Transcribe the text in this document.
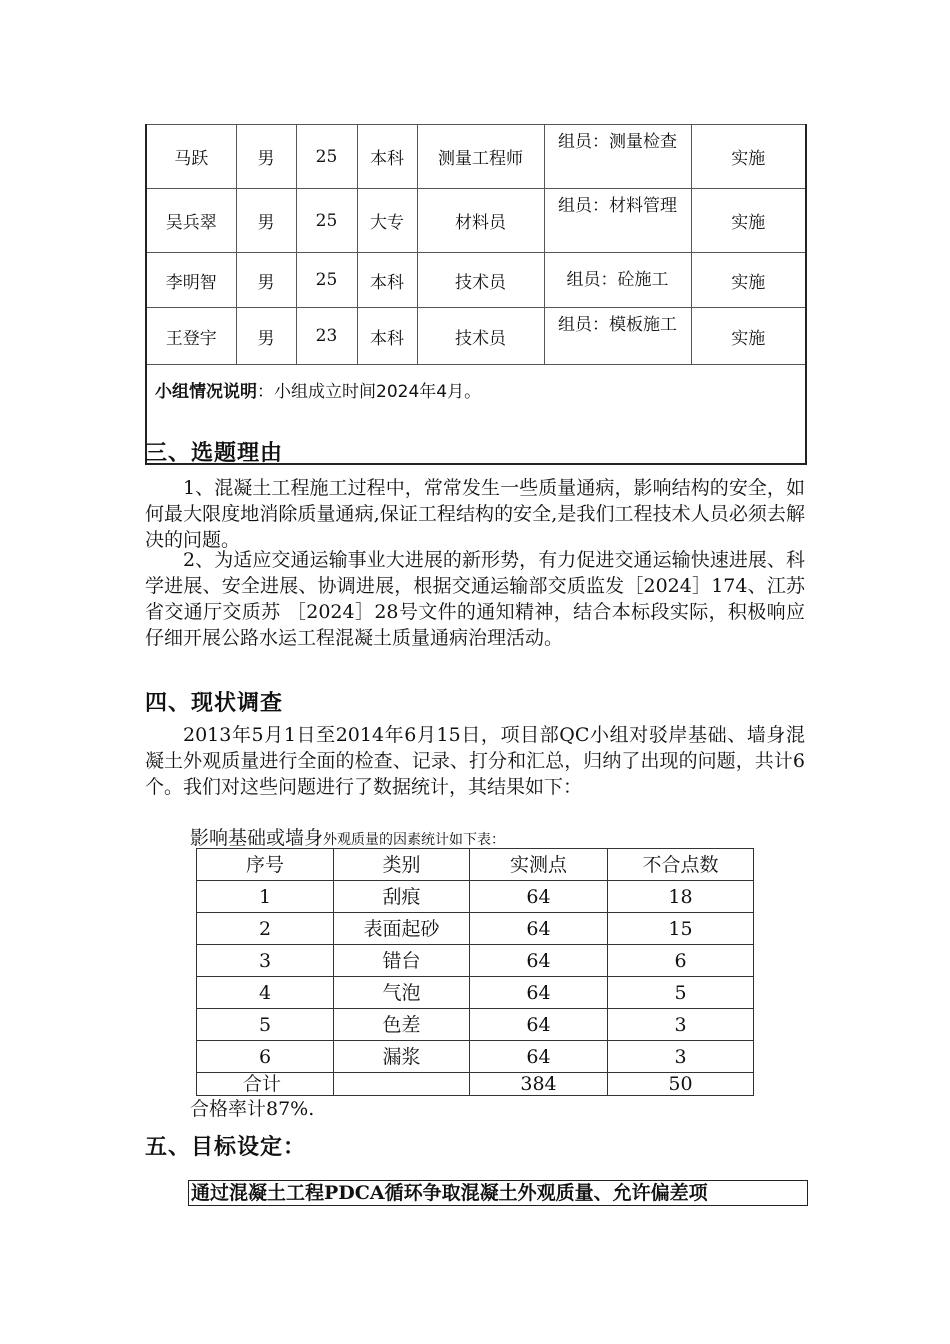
马跃	男	25	本科	测量工程师	组员：测量检查	实施
吴兵翠	男	25	大专	材料员	组员：材料管理	实施
李明智	男	25	本科	技术员	组员：砼施工	实施
王登宇	男	23	本科	技术员	组员：模板施工	实施
小组情况说明：小组成立时间2024年4月。						
三、选题理由

1、混凝土工程施工过程中，常常发生一些质量通病，影响结构的安全，如何最大限度地消除质量通病,保证工程结构的安全,是我们工程技术人员必须去解决的问题。

2、为适应交通运输事业大进展的新形势，有力促进交通运输快速进展、科学进展、安全进展、协调进展，根据交通运输部交质监发［2024］174、江苏省交通厅交质苏 ［2024］28号文件的通知精神，结合本标段实际，积极响应仔细开展公路水运工程混凝土质量通病治理活动。

四、现状调查

2013年5月1日至2014年6月15日，项目部QC小组对驳岸基础、墙身混凝土外观质量进行全面的检查、记录、打分和汇总，归纳了出现的问题，共计6个。我们对这些问题进行了数据统计，其结果如下：

影响基础或墙身外观质量的因素统计如下表：
序号	类别	实测点	不合点数
1	刮痕	64	18
2	表面起砂	64	15
3	错台	64	6
4	气泡	64	5
5	色差	64	3
6	漏浆	64	3
合计		384	50
合格率计87%.
五、目标设定：
通过混凝土工程PDCA循环争取混凝土外观质量、允许偏差项
